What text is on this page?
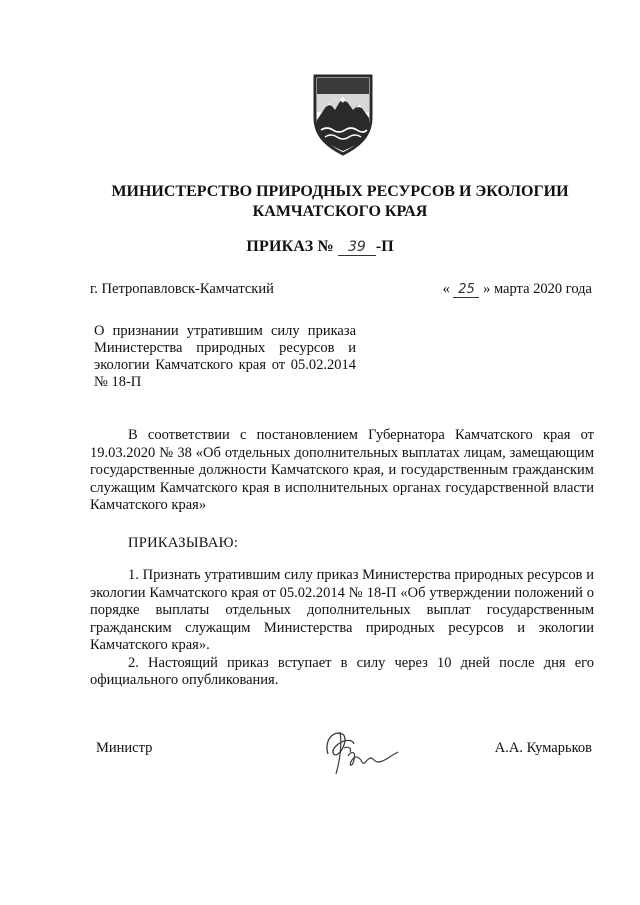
МИНИСТЕРСТВО ПРИРОДНЫХ РЕСУРСОВ И ЭКОЛОГИИ
КАМЧАТСКОГО КРАЯ
ПРИКАЗ № 39 -П
г. Петропавловск-Камчатский	« 25 » марта 2020 года
О признании утратившим силу приказа Министерства природных ресурсов и экологии Камчатского края от 05.02.2014 № 18-П

В соответствии с постановлением Губернатора Камчатского края от 19.03.2020 № 38 «Об отдельных дополнительных выплатах лицам, замещающим государственные должности Камчатского края, и государственным гражданским служащим Камчатского края в исполнительных органах государственной власти Камчатского края»

ПРИКАЗЫВАЮ:

1. Признать утратившим силу приказ Министерства природных ресурсов и экологии Камчатского края от 05.02.2014 № 18-П «Об утверждении положений о порядке выплаты отдельных дополнительных выплат государственным гражданским служащим Министерства природных ресурсов и экологии Камчатского края».

2. Настоящий приказ вступает в силу через 10 дней после дня его официального опубликования.

Министр	А.А. Кумарьков
